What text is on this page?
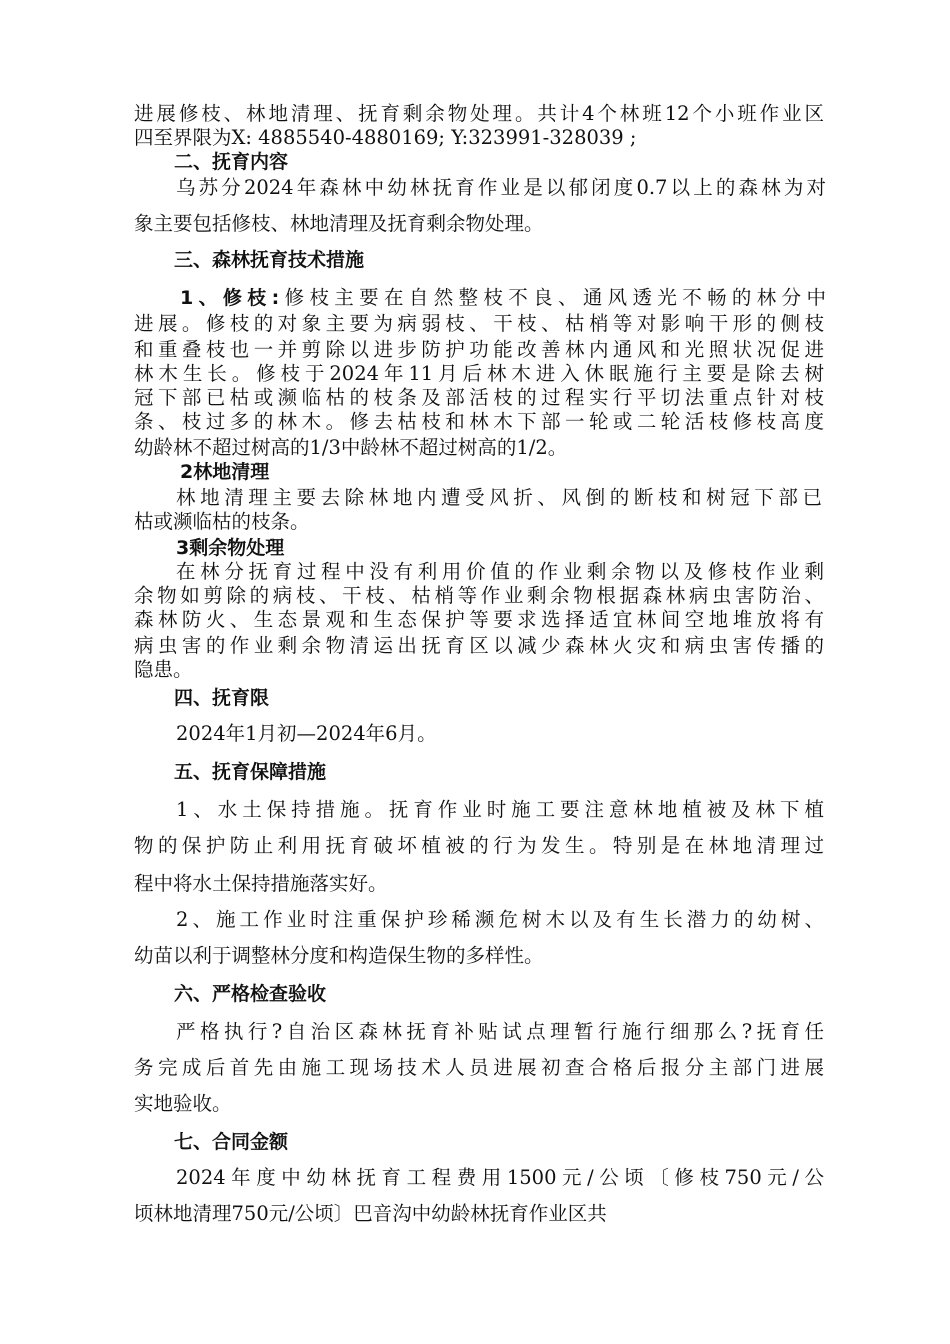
进展修枝、林地清理、抚育剩余物处理。共计4个林班12个小班作业区
四至界限为X: 4885540-4880169; Y:323991-328039 ;
二、抚育内容
乌苏分2024年森林中幼林抚育作业是以郁闭度0.7以上的森林为对
象主要包括修枝、林地清理及抚育剩余物处理。
三、森林抚育技术措施
1、修枝:修枝主要在自然整枝不良、通风透光不畅的林分中
进展。修枝的对象主要为病弱枝、干枝、枯梢等对影响干形的侧枝
和重叠枝也一并剪除以进步防护功能改善林内通风和光照状况促进
林木生长。修枝于2024年11月后林木进入休眠施行主要是除去树
冠下部已枯或濒临枯的枝条及部活枝的过程实行平切法重点针对枝
条、枝过多的林木。修去枯枝和林木下部一轮或二轮活枝修枝高度
幼龄林不超过树高的1/3中龄林不超过树高的1/2。
2林地清理
林地清理主要去除林地内遭受风折、风倒的断枝和树冠下部已
枯或濒临枯的枝条。
3剩余物处理
在林分抚育过程中没有利用价值的作业剩余物以及修枝作业剩
余物如剪除的病枝、干枝、枯梢等作业剩余物根据森林病虫害防治、
森林防火、生态景观和生态保护等要求选择适宜林间空地堆放将有
病虫害的作业剩余物清运出抚育区以减少森林火灾和病虫害传播的
隐患。
四、抚育限
2024年1月初—2024年6月。
五、抚育保障措施
1、水土保持措施。抚育作业时施工要注意林地植被及林下植
物的保护防止利用抚育破坏植被的行为发生。特别是在林地清理过
程中将水土保持措施落实好。
2、施工作业时注重保护珍稀濒危树木以及有生长潜力的幼树、
幼苗以利于调整林分度和构造保生物的多样性。
六、严格检查验收
严格执行?自治区森林抚育补贴试点理暂行施行细那么?抚育任
务完成后首先由施工现场技术人员进展初查合格后报分主部门进展
实地验收。
七、合同金额
2024年度中幼林抚育工程费用1500元/公顷〔修枝750元/公
顷林地清理750元/公顷〕巴音沟中幼龄林抚育作业区共
